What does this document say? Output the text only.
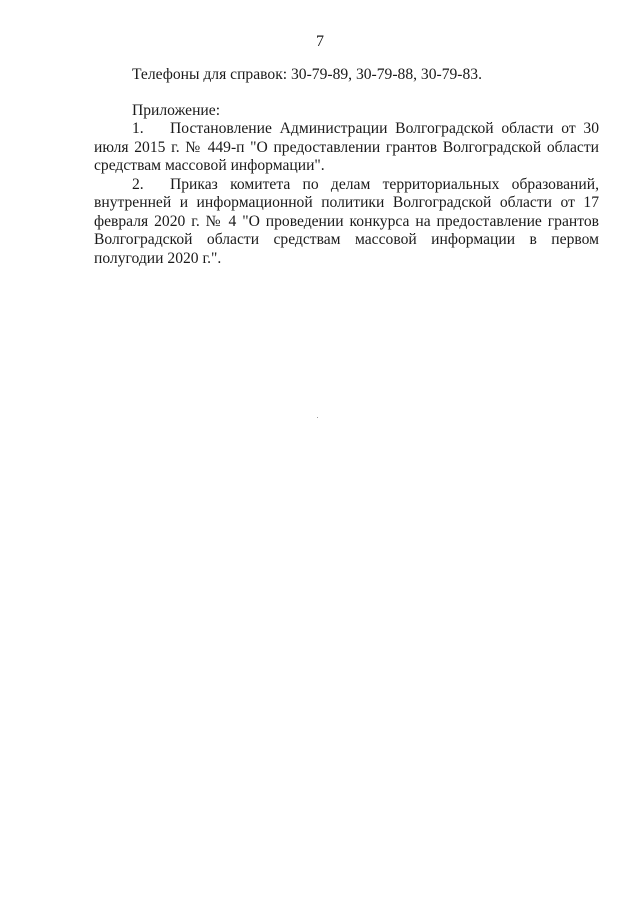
7

Телефоны для справок: 30-79-89, 30-79-88, 30-79-83.

Приложение:

1. Постановление Администрации Волгоградской области от 30 июля 2015 г. № 449-п "О предоставлении грантов Волгоградской области средствам массовой информации".

2. Приказ комитета по делам территориальных образований, внутренней и информационной политики Волгоградской области от 17 февраля 2020 г. № 4 "О проведении конкурса на предоставление грантов Волгоградской области средствам массовой информации в первом полугодии 2020 г.".
